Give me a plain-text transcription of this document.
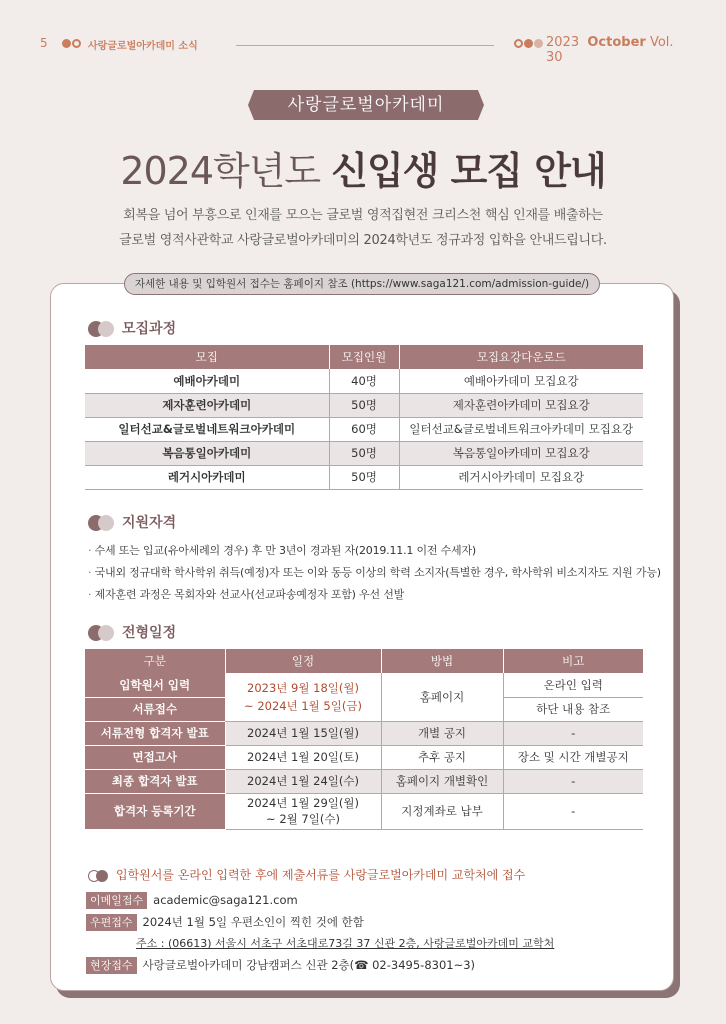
5	사랑글로벌아카데미 소식	2023 October Vol. 30
사랑글로벌아카데미
2024학년도 신입생 모집 안내
회복을 넘어 부흥으로 인재를 모으는 글로벌 영적집현전 크리스천 핵심 인재를 배출하는
글로벌 영적사관학교 사랑글로벌아카데미의 2024학년도 정규과정 입학을 안내드립니다.
자세한 내용 및 입학원서 접수는 홈페이지 참조 (https://www.saga121.com/admission-guide/)
모집과정
모집	모집인원	모집요강다운로드
예배아카데미	40명	예배아카데미 모집요강
제자훈련아카데미	50명	제자훈련아카데미 모집요강
일터선교&글로벌네트워크아카데미	60명	일터선교&글로벌네트워크아카데미 모집요강
복음통일아카데미	50명	복음통일아카데미 모집요강
레거시아카데미	50명	레거시아카데미 모집요강
지원자격
· 수세 또는 입교(유아세례의 경우) 후 만 3년이 경과된 자(2019.11.1 이전 수세자)
· 국내외 정규대학 학사학위 취득(예정)자 또는 이와 동등 이상의 학력 소지자(특별한 경우, 학사학위 비소지자도 지원 가능)
· 제자훈련 과정은 목회자와 선교사(선교파송예정자 포함) 우선 선발
전형일정
구분	일정	방법	비고
입학원서 입력	2023년 9월 18일(월)
~ 2024년 1월 5일(금)	홈페이지	온라인 입력
서류접수			하단 내용 참조
서류전형 합격자 발표	2024년 1월 15일(월)	개별 공지	-
면접고사	2024년 1월 20일(토)	추후 공지	장소 및 시간 개별공지
최종 합격자 발표	2024년 1월 24일(수)	홈페이지 개별확인	-
합격자 등록기간	2024년 1월 29일(월)
~ 2월 7일(수)	지정계좌로 납부	-
입학원서를 온라인 입력한 후에 제출서류를 사랑글로벌아카데미 교학처에 접수
이메일접수 academic@saga121.com
우편접수 2024년 1월 5일 우편소인이 찍힌 것에 한함
주소 : (06613) 서울시 서초구 서초대로73길 37 신관 2층, 사랑글로벌아카데미 교학처
현장접수 사랑글로벌아카데미 강남캠퍼스 신관 2층(☎ 02-3495-8301~3)
